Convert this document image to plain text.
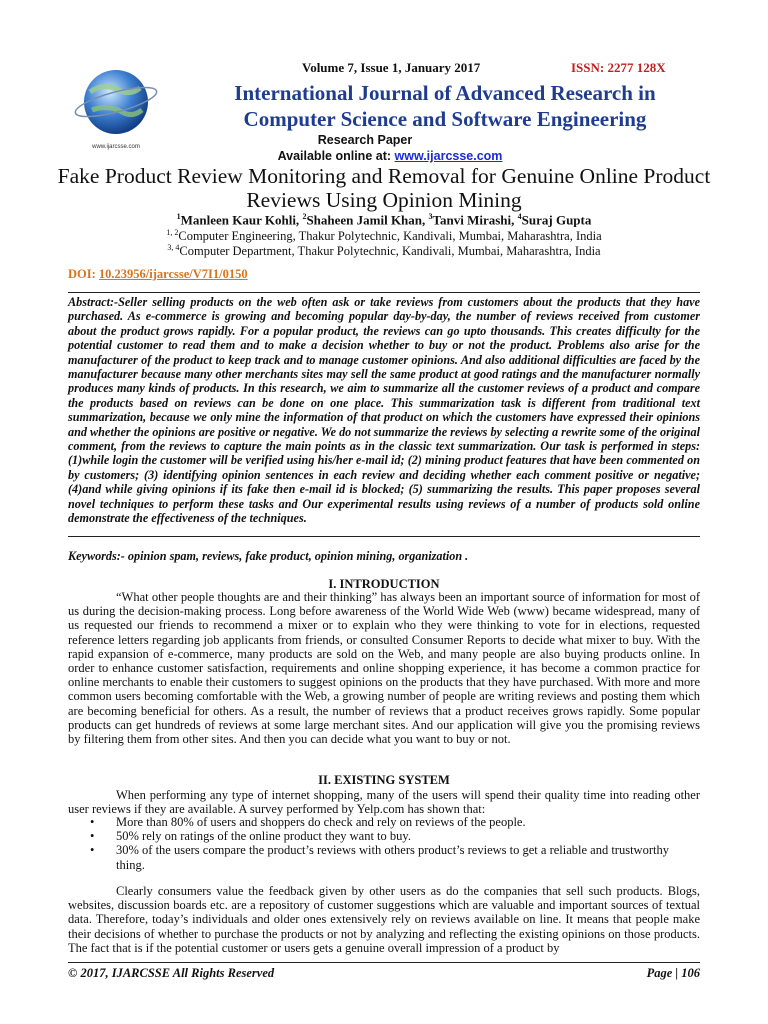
www.ijarcsse.com
Volume 7, Issue 1, January 2017	ISSN: 2277 128X
International Journal of Advanced Research in
Computer Science and Software Engineering
Research Paper
Available online at: www.ijarcsse.com
Fake Product Review Monitoring and Removal for Genuine Online Product Reviews Using Opinion Mining
$^1$Manleen Kaur Kohli, $^2$Shaheen Jamil Khan, $^3$Tanvi Mirashi, $^4$Suraj Gupta
$^{1, 2}$Computer Engineering, Thakur Polytechnic, Kandivali, Mumbai, Maharashtra, India
$^{3, 4}$Computer Department, Thakur Polytechnic, Kandivali, Mumbai, Maharashtra, India
DOI: 10.23956/ijarcsse/V7I1/0150
Abstract:-Seller selling products on the web often ask or take reviews from customers about the products that they have purchased. As e-commerce is growing and becoming popular day-by-day, the number of reviews received from customer about the product grows rapidly. For a popular product, the reviews can go upto thousands. This creates difficulty for the potential customer to read them and to make a decision whether to buy or not the product. Problems also arise for the manufacturer of the product to keep track and to manage customer opinions. And also additional difficulties are faced by the manufacturer because many other merchants sites may sell the same product at good ratings and the manufacturer normally produces many kinds of products. In this research, we aim to summarize all the customer reviews of a product and compare the products based on reviews can be done on one place. This summarization task is different from traditional text summarization, because we only mine the information of that product on which the customers have expressed their opinions and whether the opinions are positive or negative. We do not summarize the reviews by selecting a rewrite some of the original comment, from the reviews to capture the main points as in the classic text summarization. Our task is performed in steps: (1)while login the customer will be verified using his/her e-mail id; (2) mining product features that have been commented on by customers; (3) identifying opinion sentences in each review and deciding whether each comment positive or negative; (4)and while giving opinions if its fake then e-mail id is blocked; (5) summarizing the results. This paper proposes several novel techniques to perform these tasks and Our experimental results using reviews of a number of products sold online demonstrate the effectiveness of the techniques.
Keywords:- opinion spam, reviews, fake product, opinion mining, organization .
I. INTRODUCTION
“What other people thoughts are and their thinking” has always been an important source of information for most of us during the decision-making process. Long before awareness of the World Wide Web (www) became widespread, many of us requested our friends to recommend a mixer or to explain who they were thinking to vote for in elections, requested reference letters regarding job applicants from friends, or consulted Consumer Reports to decide what mixer to buy. With the rapid expansion of e-commerce, many products are sold on the Web, and many people are also buying products online. In order to enhance customer satisfaction, requirements and online shopping experience, it has become a common practice for online merchants to enable their customers to suggest opinions on the products that they have purchased. With more and more common users becoming comfortable with the Web, a growing number of people are writing reviews and posting them which are becoming beneficial for others. As a result, the number of reviews that a product receives grows rapidly. Some popular products can get hundreds of reviews at some large merchant sites. And our application will give you the promising reviews by filtering them from other sites. And then you can decide what you want to buy or not.
II. EXISTING SYSTEM
When performing any type of internet shopping, many of the users will spend their quality time into reading other user reviews if they are available. A survey performed by Yelp.com has shown that:
• More than 80% of users and shoppers do check and rely on reviews of the people.
• 50% rely on ratings of the online product they want to buy.
• 30% of the users compare the product’s reviews with others product’s reviews to get a reliable and trustworthy thing.
Clearly consumers value the feedback given by other users as do the companies that sell such products. Blogs, websites, discussion boards etc. are a repository of customer suggestions which are valuable and important sources of textual data. Therefore, today’s individuals and older ones extensively rely on reviews available on line. It means that people make their decisions of whether to purchase the products or not by analyzing and reflecting the existing opinions on those products. The fact that is if the potential customer or users gets a genuine overall impression of a product by
© 2017, IJARCSSE All Rights Reserved	Page | 106
